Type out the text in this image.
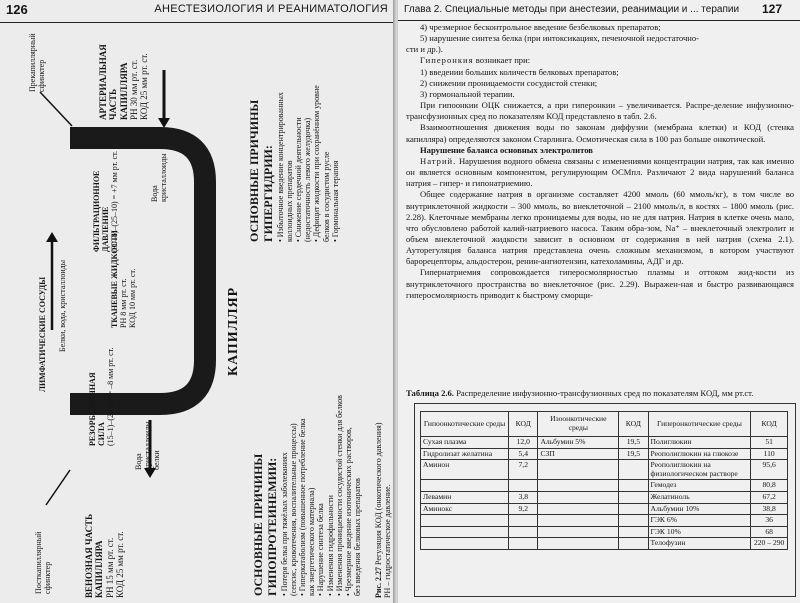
126	АНЕСТЕЗИОЛОГИЯ И РЕАНИМАТОЛОГИЯ
КАПИЛЛЯР
АРТЕРИАЛЬНАЯ ЧАСТЬ КАПИЛЛЯРА РН 30 мм рт. ст. КОД 25 мм рт. ст.
Прекапиллярный сфинктер
ФИЛЬТРАЦИОННОЕ ДАВЛЕНИЕ (30–8)–(25–10) = +7 мм рт. ст.	Вода кристаллоиды
ТКАНЕВЫЕ ЖИДКОСТИ РН 8 мм рт. ст. КОД 10 мм рт. ст.
ЛИМФАТИЧЕСКИЕ СОСУДЫ Белки, вода, кристаллоиды
РЕЗОРБЦИОННАЯ СИЛА (15–1)–(25–10)= –8 мм рт. ст.
Вода кристаллоиды белки
ВЕНОЗНАЯ ЧАСТЬ КАПИЛЛЯРА РН 15 мм рт. ст. КОД 25 мм рт. ст.
Посткапиллярный сфинктер
ОСНОВНЫЕ ПРИЧИНЫ ГИПЕРГИДРИИ: • Избыточное введение концентрированных коллоидных препаратов • Снижение сердечной деятельности (недостаточность левого желудочка) • Дефицит жидкости при сохранённом уровне белков в сосудистом русле • Гормональная терапия
ОСНОВНЫЕ ПРИЧИНЫ ГИПОПРОТЕИНЕМИИ: • Потеря белка при тяжёлых заболеваниях (сепсис, кровотечения, воспалительные процессы) • Гиперкатаболизм (повышенное потребление белка как энергетического материала) • Нарушение синтеза белка • Изменения гидрофильности • Изменения проницаемости сосудистой стенки для белков • Чрезмерное введение изотонических растворов, без введения белковых препаратов Рис. 2.27 Регуляция КОД (онкотического давления) РН – гидростатическое давление.
Глава 2. Специальные методы при анестезии, реанимации и ... терапии 127

4) чрезмерное бесконтрольное введение безбелковых препаратов;

5) нарушение синтеза белка (при интоксикациях, печеночной недостаточно-

сти и др.).

Гиперонкия возникает при:

1) введении больших количеств белковых препаратов;

2) снижении проницаемости сосудистой стенки;

3) гормональной терапии.

При гипоонкии ОЦК снижается, а при гиперонкии – увеличивается. Распре-деление инфузионно-трансфузионных сред по показателям КОД представлено в табл. 2.6.

Взаимоотношения движения воды по законам диффузии (мембрана клетки) и КОД (стенка капилляра) определяются законом Старлинга. Осмотическая сила в 100 раз больше онкотической.

Нарушение баланса основных электролитов

Натрий. Нарушения водного обмена связаны с изменениями концентрации натрия, так как именно он является основным компонентом, регулирующим ОСМпл. Различают 2 вида нарушений баланса натрия – гипер- и гипонатриемию.

Общее содержание натрия в организме составляет 4200 ммоль (60 ммоль/кг), в том числе во внутриклеточной жидкости – 300 ммоль, во внеклеточной – 2100 ммоль/л, в костях – 1800 ммоль (рис. 2.28). Клеточные мембраны легко проницаемы для воды, но не для натрия. Натрия в клетке очень мало, что обусловлено работой калий-натриевого насоса. Таким обра-зом, Na⁺ – внеклеточный электролит и объем внеклеточной жидкости зависит в основном от содержания в ней натрия (схема 2.1). Ауторегуляция баланса натрия представлена очень сложным механизмом, в котором участвуют барорецепторы, альдостерон, ренин-ангиотензин, катехоламины, АДГ и др.

Гипернатриемия сопровождается гиперосмолярностью плазмы и оттоком жид-кости из внутриклеточного пространства во внеклеточное (рис. 2.29). Выражен-ная и быстро развивающаяся гиперосмолярность приводит к быстрому сморщи-

Таблица 2.6. Распределение инфузионно-трансфузионных сред по показателям КОД, мм рт.ст.
Гипоонкотические среды	КОД	Изоонкотические среды	КОД	Гиперонкотические среды	КОД
Сухая плазма	12,0	Альбумин 5%	19,5	Полиглюкин	51
Гидролизат желатина	5,4	СЗП	19,5	Реополиглюкин на глюкозе	110
Аминон	7,2			Реополиглюкин на физиологическом растворе	95,6
				Гемодез	80,8
Левамин	3,8			Желатиноль	67,2
Аминокс	9,2			Альбумин 10%	38,8
				ГЭК 6%	36
				ГЭК 10%	68
				Телофузин	220 – 290
